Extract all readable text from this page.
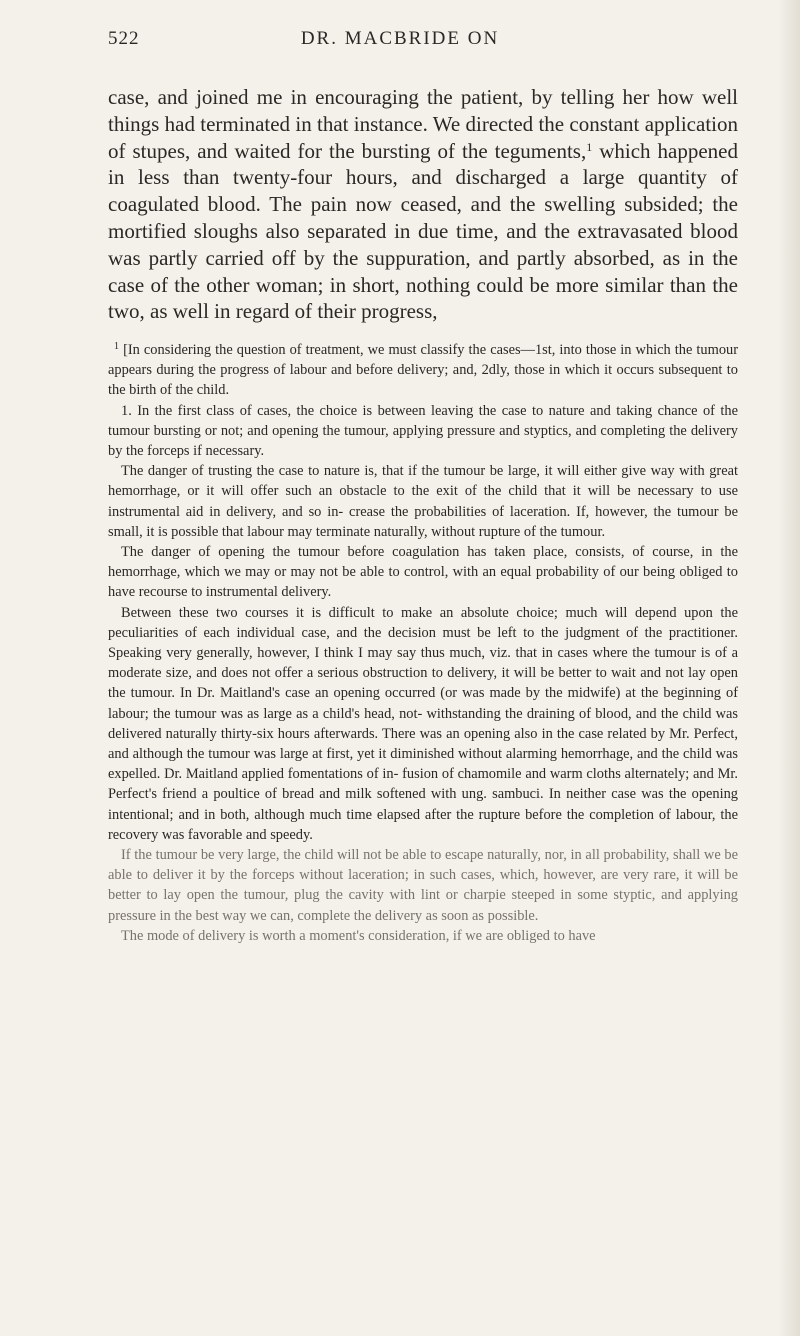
522	DR. MACBRIDE ON

case, and joined me in encouraging the patient, by telling her how well things had terminated in that instance. We directed the constant application of stupes, and waited for the bursting of the teguments,$^1$ which happened in less than twenty-four hours, and discharged a large quantity of coagulated blood. The pain now ceased, and the swelling subsided; the mortified sloughs also separated in due time, and the extravasated blood was partly carried off by the suppuration, and partly absorbed, as in the case of the other woman; in short, nothing could be more similar than the two, as well in regard of their progress,

$^1$ [In considering the question of treatment, we must classify the cases—1st, into those in which the tumour appears during the progress of labour and before delivery; and, 2dly, those in which it occurs subsequent to the birth of the child.

1. In the first class of cases, the choice is between leaving the case to nature and taking chance of the tumour bursting or not; and opening the tumour, applying pressure and styptics, and completing the delivery by the forceps if necessary.

The danger of trusting the case to nature is, that if the tumour be large, it will either give way with great hemorrhage, or it will offer such an obstacle to the exit of the child that it will be necessary to use instrumental aid in delivery, and so in- crease the probabilities of laceration. If, however, the tumour be small, it is possible that labour may terminate naturally, without rupture of the tumour.

The danger of opening the tumour before coagulation has taken place, consists, of course, in the hemorrhage, which we may or may not be able to control, with an equal probability of our being obliged to have recourse to instrumental delivery.

Between these two courses it is difficult to make an absolute choice; much will depend upon the peculiarities of each individual case, and the decision must be left to the judgment of the practitioner. Speaking very generally, however, I think I may say thus much, viz. that in cases where the tumour is of a moderate size, and does not offer a serious obstruction to delivery, it will be better to wait and not lay open the tumour. In Dr. Maitland's case an opening occurred (or was made by the midwife) at the beginning of labour; the tumour was as large as a child's head, not- withstanding the draining of blood, and the child was delivered naturally thirty-six hours afterwards. There was an opening also in the case related by Mr. Perfect, and although the tumour was large at first, yet it diminished without alarming hemorrhage, and the child was expelled. Dr. Maitland applied fomentations of in- fusion of chamomile and warm cloths alternately; and Mr. Perfect's friend a poultice of bread and milk softened with ung. sambuci. In neither case was the opening intentional; and in both, although much time elapsed after the rupture before the completion of labour, the recovery was favorable and speedy.

If the tumour be very large, the child will not be able to escape naturally, nor, in all probability, shall we be able to deliver it by the forceps without laceration; in such cases, which, however, are very rare, it will be better to lay open the tumour, plug the cavity with lint or charpie steeped in some styptic, and applying pressure in the best way we can, complete the delivery as soon as possible.

The mode of delivery is worth a moment's consideration, if we are obliged to have
